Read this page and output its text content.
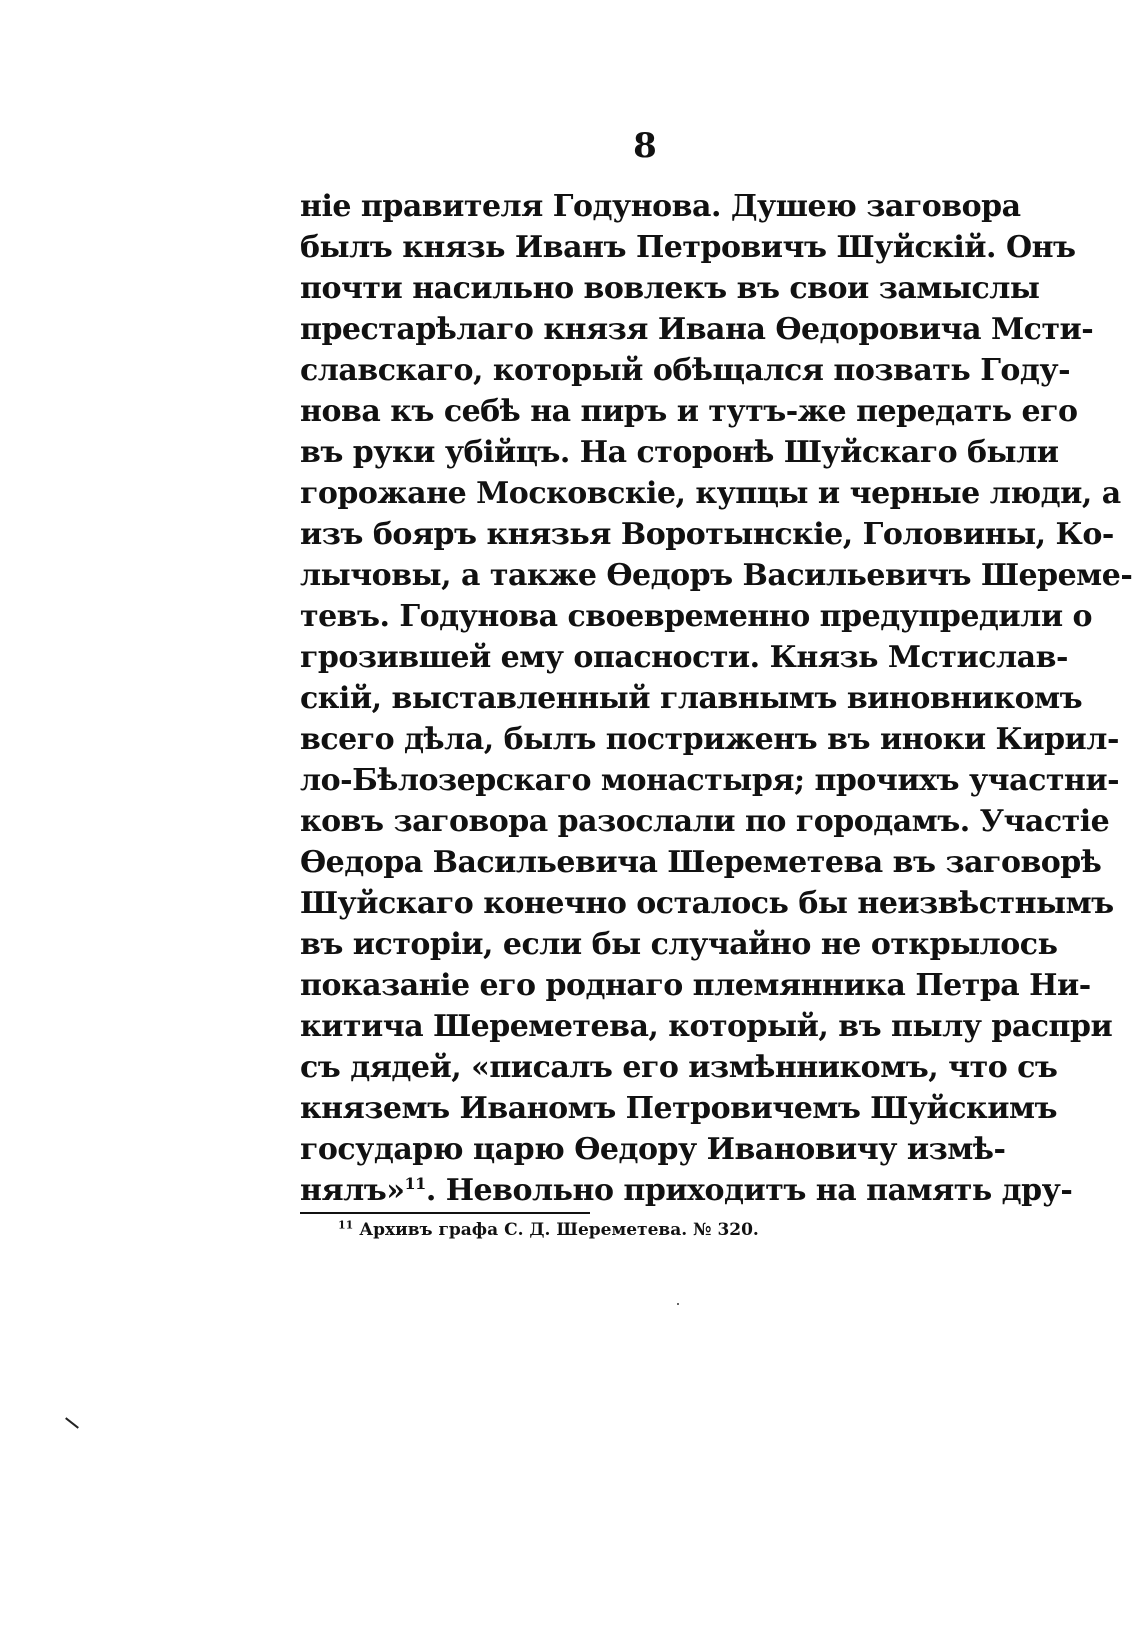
8
ніе правителя Годунова. Душею заговора
былъ князь Иванъ Петровичъ Шуйскій. Онъ
почти насильно вовлекъ въ свои замыслы
престарѣлаго князя Ивана Ѳедоровича Мсти-
славскаго, который обѣщался позвать Году-
нова къ себѣ на пиръ и тутъ-же передать его
въ руки убійцъ. На сторонѣ Шуйскаго были
горожане Московскіе, купцы и черные люди, а
изъ бояръ князья Воротынскіе, Головины, Ко-
лычовы, а также Ѳедоръ Васильевичъ Шереме-
тевъ. Годунова своевременно предупредили о
грозившей ему опасности. Князь Мстислав-
скій, выставленный главнымъ виновникомъ
всего дѣла, былъ постриженъ въ иноки Кирил-
ло-Бѣлозерскаго монастыря; прочихъ участни-
ковъ заговора разослали по городамъ. Участіе
Ѳедора Васильевича Шереметева въ заговорѣ
Шуйскаго конечно осталось бы неизвѣстнымъ
въ исторіи, если бы случайно не открылось
показаніе его роднаго племянника Петра Ни-
китича Шереметева, который, въ пылу распри
съ дядей, «писалъ его измѣнникомъ, что съ
княземъ Иваномъ Петровичемъ Шуйскимъ
государю царю Ѳедору Ивановичу измѣ-
нялъ»$^{11}$. Невольно приходитъ на память дру-
$^{11}$ Архивъ графа С. Д. Шереметева. № 320.
